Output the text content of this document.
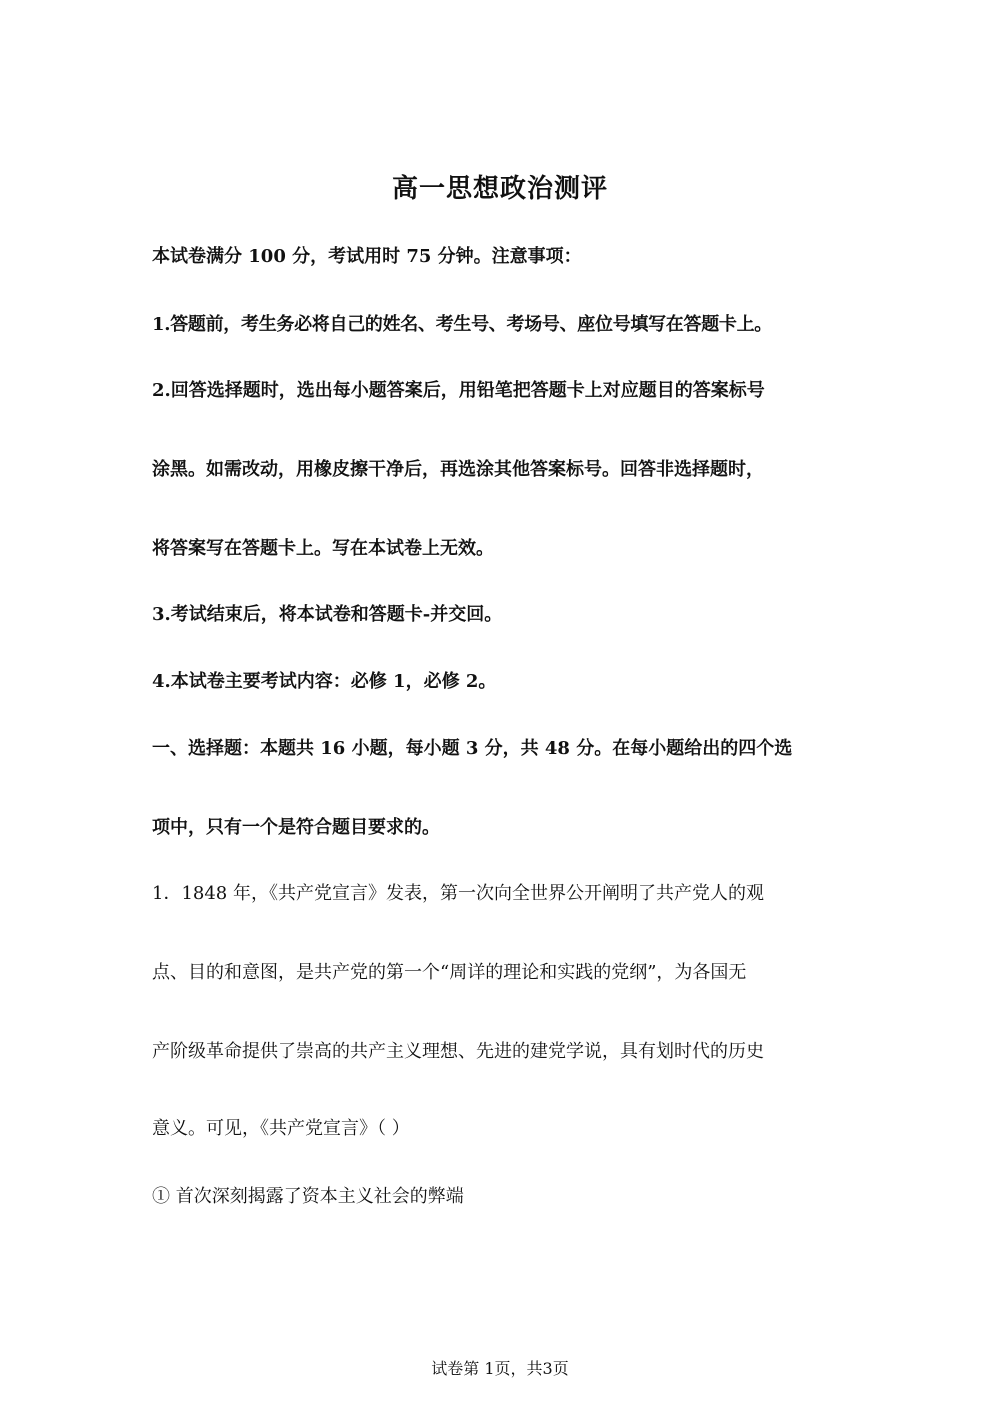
高一思想政治测评
本试卷满分 100 分，考试用时 75 分钟。注意事项：
1.答题前，考生务必将自己的姓名、考生号、考场号、座位号填写在答题卡上。
2.回答选择题时，选出每小题答案后，用铅笔把答题卡上对应题目的答案标号
涂黑。如需改动，用橡皮擦干净后，再选涂其他答案标号。回答非选择题时，
将答案写在答题卡上。写在本试卷上无效。
3.考试结束后，将本试卷和答题卡-并交回。
4.本试卷主要考试内容：必修 1，必修 2。
一、选择题：本题共 16 小题，每小题 3 分，共 48 分。在每小题给出的四个选
项中，只有一个是符合题目要求的。
1．1848 年，《共产党宣言》发表，第一次向全世界公开阐明了共产党人的观
点、目的和意图，是共产党的第一个“周详的理论和实践的党纲”，为各国无
产阶级革命提供了崇高的共产主义理想、先进的建党学说，具有划时代的历史
意义。可见，《共产党宣言》（ ）
① 首次深刻揭露了资本主义社会的弊端
试卷第 1页，共3页
